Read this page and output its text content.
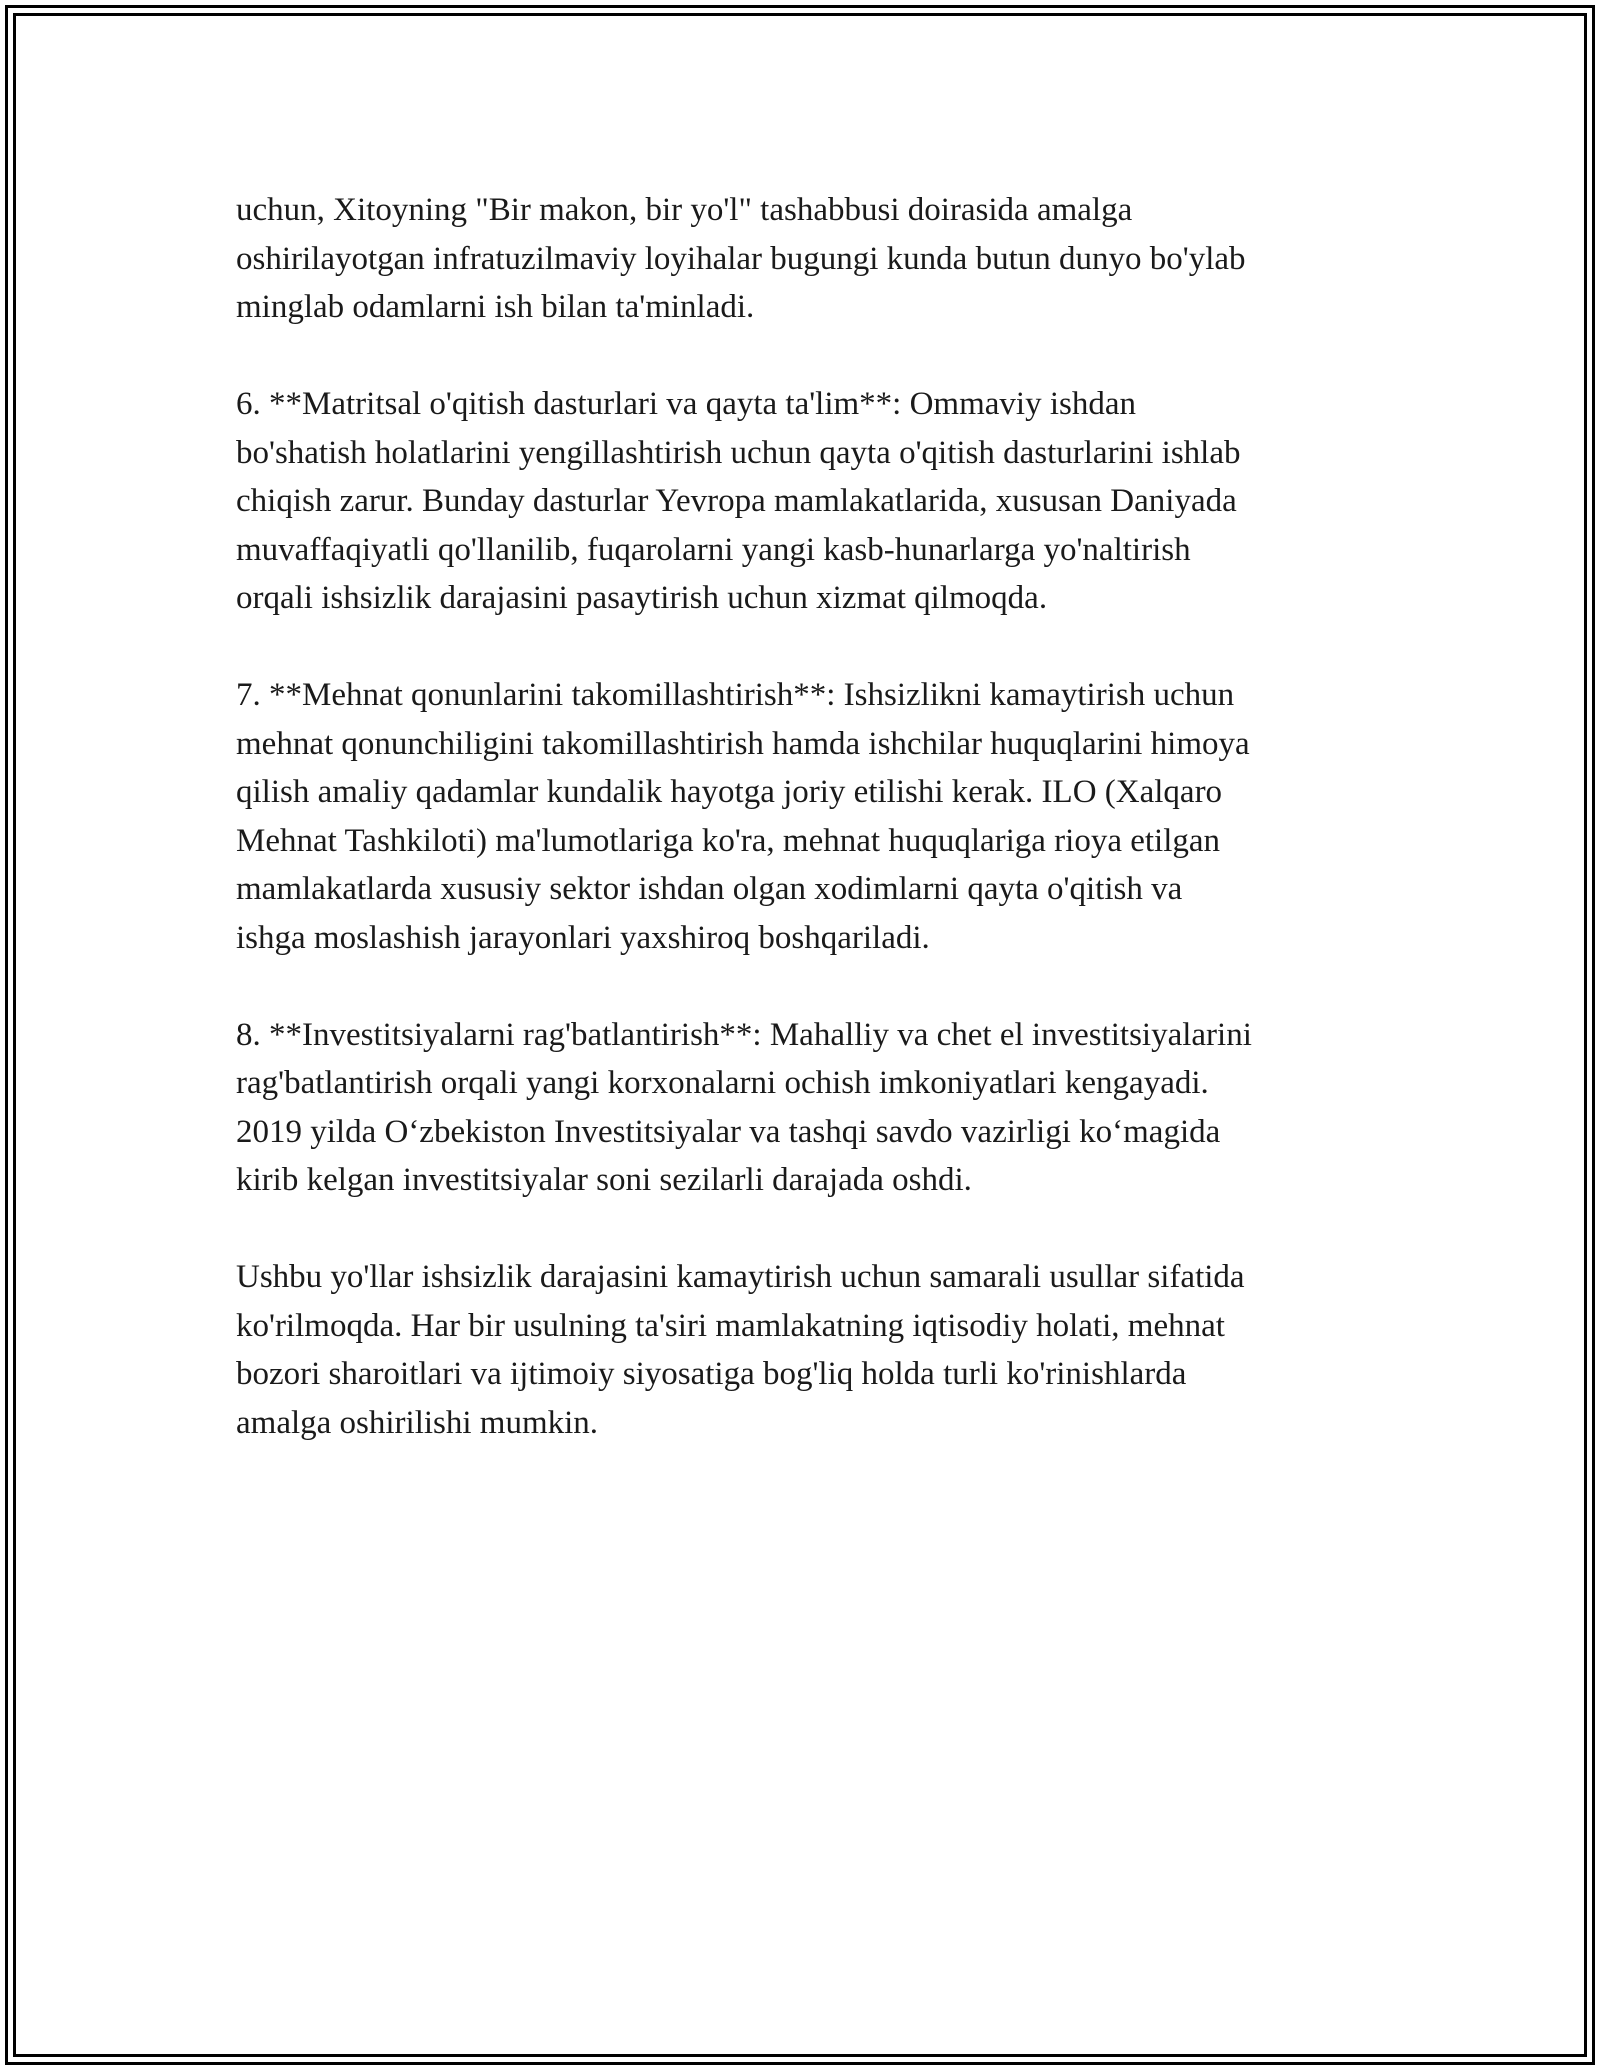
uchun, Xitoyning "Bir makon, bir yo'l" tashabbusi doirasida amalga
oshirilayotgan infratuzilmaviy loyihalar bugungi kunda butun dunyo bo'ylab
minglab odamlarni ish bilan ta'minladi.

6. **Matritsal o'qitish dasturlari va qayta ta'lim**: Ommaviy ishdan
bo'shatish holatlarini yengillashtirish uchun qayta o'qitish dasturlarini ishlab
chiqish zarur. Bunday dasturlar Yevropa mamlakatlarida, xususan Daniyada
muvaffaqiyatli qo'llanilib, fuqarolarni yangi kasb-hunarlarga yo'naltirish
orqali ishsizlik darajasini pasaytirish uchun xizmat qilmoqda.

7. **Mehnat qonunlarini takomillashtirish**: Ishsizlikni kamaytirish uchun
mehnat qonunchiligini takomillashtirish hamda ishchilar huquqlarini himoya
qilish amaliy qadamlar kundalik hayotga joriy etilishi kerak. ILO (Xalqaro
Mehnat Tashkiloti) ma'lumotlariga ko'ra, mehnat huquqlariga rioya etilgan
mamlakatlarda xususiy sektor ishdan olgan xodimlarni qayta o'qitish va
ishga moslashish jarayonlari yaxshiroq boshqariladi.

8. **Investitsiyalarni rag'batlantirish**: Mahalliy va chet el investitsiyalarini
rag'batlantirish orqali yangi korxonalarni ochish imkoniyatlari kengayadi.
2019 yilda O‘zbekiston Investitsiyalar va tashqi savdo vazirligi ko‘magida
kirib kelgan investitsiyalar soni sezilarli darajada oshdi.

Ushbu yo'llar ishsizlik darajasini kamaytirish uchun samarali usullar sifatida
ko'rilmoqda. Har bir usulning ta'siri mamlakatning iqtisodiy holati, mehnat
bozori sharoitlari va ijtimoiy siyosatiga bog'liq holda turli ko'rinishlarda
amalga oshirilishi mumkin.
